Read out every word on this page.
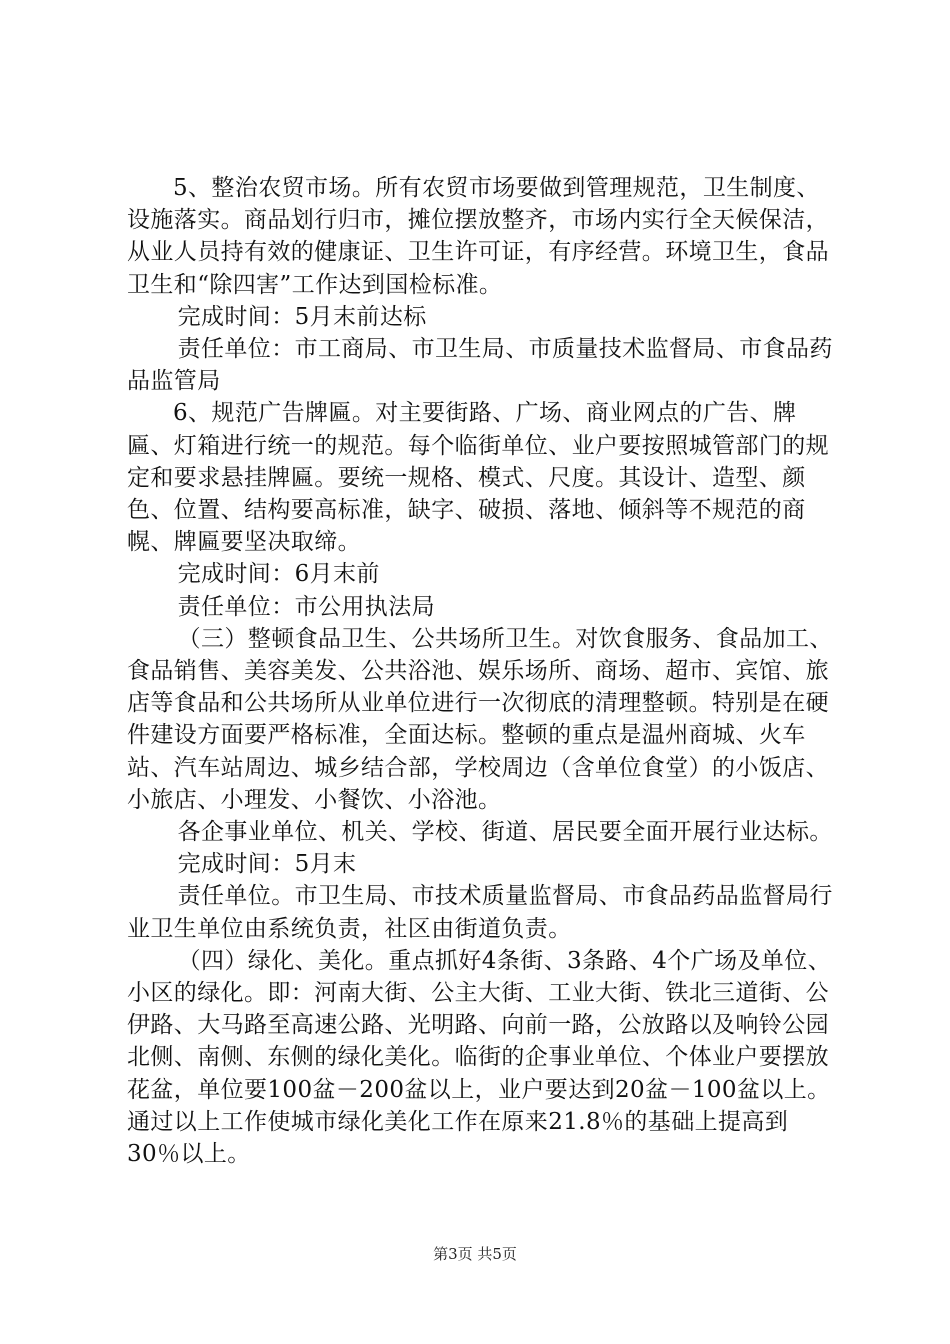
5、整治农贸市场。所有农贸市场要做到管理规范，卫生制度、设施落实。商品划行归市，摊位摆放整齐，市场内实行全天候保洁，从业人员持有效的健康证、卫生许可证，有序经营。环境卫生，食品卫生和“除四害”工作达到国检标准。

完成时间：5月末前达标

责任单位：市工商局、市卫生局、市质量技术监督局、市食品药品监管局

6、规范广告牌匾。对主要街路、广场、商业网点的广告、牌匾、灯箱进行统一的规范。每个临街单位、业户要按照城管部门的规定和要求悬挂牌匾。要统一规格、模式、尺度。其设计、造型、颜色、位置、结构要高标准，缺字、破损、落地、倾斜等不规范的商幌、牌匾要坚决取缔。

完成时间：6月末前

责任单位：市公用执法局

（三）整顿食品卫生、公共场所卫生。对饮食服务、食品加工、食品销售、美容美发、公共浴池、娱乐场所、商场、超市、宾馆、旅店等食品和公共场所从业单位进行一次彻底的清理整顿。特别是在硬件建设方面要严格标准，全面达标。整顿的重点是温州商城、火车站、汽车站周边、城乡结合部，学校周边（含单位食堂）的小饭店、小旅店、小理发、小餐饮、小浴池。

各企事业单位、机关、学校、街道、居民要全面开展行业达标。

完成时间：5月末

责任单位。市卫生局、市技术质量监督局、市食品药品监督局行业卫生单位由系统负责，社区由街道负责。

（四）绿化、美化。重点抓好4条街、3条路、4个广场及单位、小区的绿化。即：河南大街、公主大街、工业大街、铁北三道街、公伊路、大马路至高速公路、光明路、向前一路，公放路以及响铃公园北侧、南侧、东侧的绿化美化。临街的企事业单位、个体业户要摆放花盆，单位要100盆－200盆以上，业户要达到20盆－100盆以上。通过以上工作使城市绿化美化工作在原来21.8％的基础上提高到30％以上。

第3页 共5页
